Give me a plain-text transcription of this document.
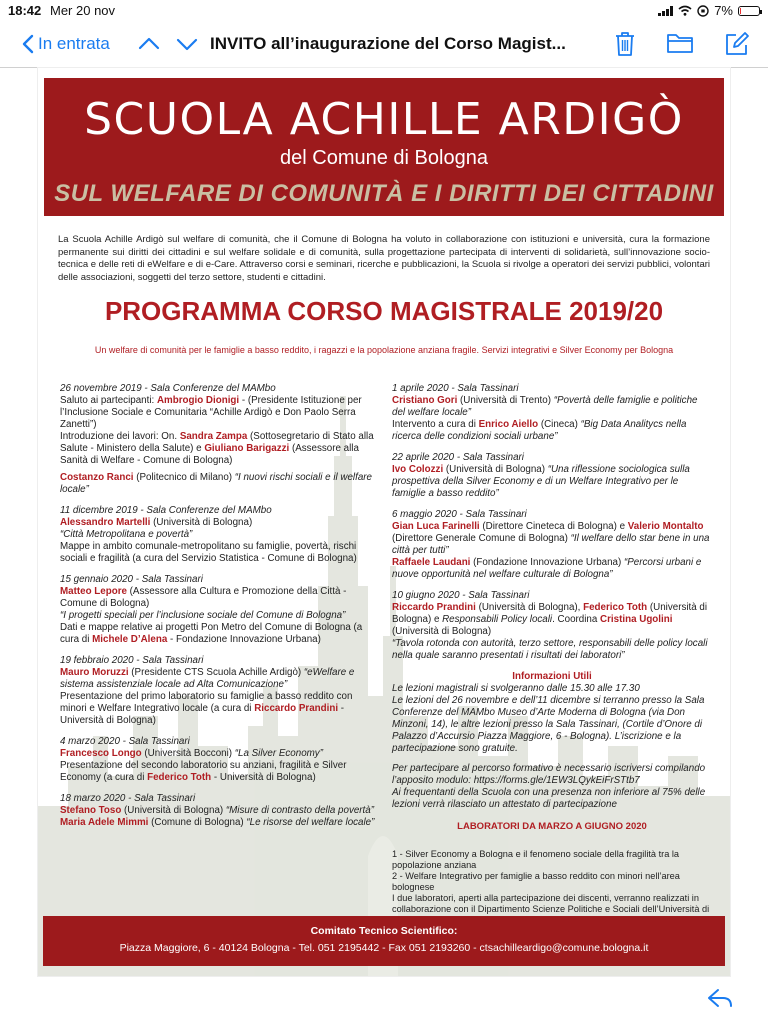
18:42 Mer 20 nov	7%
In entrata	INVITO all’inaugurazione del Corso Magist...
SCUOLA ACHILLE ARDIGÒ
del Comune di Bologna
SUL WELFARE DI COMUNITÀ E I DIRITTI DEI CITTADINI

La Scuola Achille Ardigò sul welfare di comunità, che il Comune di Bologna ha voluto in collaborazione con istituzioni e università, cura la formazione permanente sui diritti dei cittadini e sul welfare solidale e di comunità, sulla progettazione partecipata di interventi di solidarietà, sull’innovazione socio-tecnica e delle reti di eWelfare e di e-Care. Attraverso corsi e seminari, ricerche e pubblicazioni, la Scuola si rivolge a operatori dei servizi pubblici, volontari delle associazioni, soggetti del terzo settore, studenti e cittadini.

PROGRAMMA CORSO MAGISTRALE 2019/20
Un welfare di comunità per le famiglie a basso reddito, i ragazzi e la popolazione anziana fragile. Servizi integrativi e Silver Economy per Bologna

26 novembre 2019 - Sala Conferenze del MAMbo

Saluto ai partecipanti: Ambrogio Dionigi - (Presidente Istituzione per l’Inclusione Sociale e Comunitaria “Achille Ardigò e Don Paolo Serra Zanetti”)

Introduzione dei lavori: On. Sandra Zampa (Sottosegretario di Stato alla Salute - Ministero della Salute) e Giuliano Barigazzi (Assessore alla Sanità di Welfare - Comune di Bologna)

Costanzo Ranci (Politecnico di Milano) “I nuovi rischi sociali e il welfare locale”

11 dicembre 2019 - Sala Conferenze del MAMbo

Alessandro Martelli (Università di Bologna)

“Città Metropolitana e povertà”

Mappe in ambito comunale-metropolitano su famiglie, povertà, rischi sociali e fragilità (a cura del Servizio Statistica - Comune di Bologna)

15 gennaio 2020 - Sala Tassinari

Matteo Lepore (Assessore alla Cultura e Promozione della Città - Comune di Bologna)

“I progetti speciali per l’inclusione sociale del Comune di Bologna”

Dati e mappe relative ai progetti Pon Metro del Comune di Bologna (a cura di Michele D’Alena - Fondazione Innovazione Urbana)

19 febbraio 2020 - Sala Tassinari

Mauro Moruzzi (Presidente CTS Scuola Achille Ardigò) “eWelfare e sistema assistenziale locale ad Alta Comunicazione”

Presentazione del primo laboratorio su famiglie a basso reddito con minori e Welfare Integrativo locale (a cura di Riccardo Prandini - Università di Bologna)

4 marzo 2020 - Sala Tassinari

Francesco Longo (Università Bocconi) “La Silver Economy”

Presentazione del secondo laboratorio su anziani, fragilità e Silver Economy (a cura di Federico Toth - Università di Bologna)

18 marzo 2020 - Sala Tassinari

Stefano Toso (Università di Bologna) “Misure di contrasto della povertà”

Maria Adele Mimmi (Comune di Bologna) “Le risorse del welfare locale”

1 aprile 2020 - Sala Tassinari

Cristiano Gori (Università di Trento) “Povertà delle famiglie e politiche del welfare locale”

Intervento a cura di Enrico Aiello (Cineca) “Big Data Analitycs nella ricerca delle condizioni sociali urbane”

22 aprile 2020 - Sala Tassinari

Ivo Colozzi (Università di Bologna) “Una riflessione sociologica sulla prospettiva della Silver Economy e di un Welfare Integrativo per le famiglie a basso reddito”

6 maggio 2020 - Sala Tassinari

Gian Luca Farinelli (Direttore Cineteca di Bologna) e Valerio Montalto (Direttore Generale Comune di Bologna) “Il welfare dello star bene in una città per tutti”

Raffaele Laudani (Fondazione Innovazione Urbana) “Percorsi urbani e nuove opportunità nel welfare culturale di Bologna”

10 giugno 2020 - Sala Tassinari

Riccardo Prandini (Università di Bologna), Federico Toth (Università di Bologna) e Responsabili Policy locali. Coordina Cristina Ugolini (Università di Bologna)

“Tavola rotonda con autorità, terzo settore, responsabili delle policy locali nella quale saranno presentati i risultati dei laboratori”

Informazioni Utili

Le lezioni magistrali si svolgeranno dalle 15.30 alle 17.30

Le lezioni del 26 novembre e dell’11 dicembre si terranno presso la Sala Conferenze del MAMbo Museo d’Arte Moderna di Bologna (via Don Minzoni, 14), le altre lezioni presso la Sala Tassinari, (Cortile d’Onore di Palazzo d’Accursio Piazza Maggiore, 6 - Bologna). L’iscrizione e la partecipazione sono gratuite.

Per partecipare al percorso formativo è necessario iscriversi compilando l’apposito modulo: https://forms.gle/1EW3LQykEiFrSTtb7

Ai frequentanti della Scuola con una presenza non inferiore al 75% delle lezioni verrà rilasciato un attestato di partecipazione

LABORATORI DA MARZO A GIUGNO 2020

1 - Silver Economy a Bologna e il fenomeno sociale della fragilità tra la popolazione anziana

2 - Welfare Integrativo per famiglie a basso reddito con minori nell’area bolognese

I due laboratori, aperti alla partecipazione dei discenti, verranno realizzati in collaborazione con il Dipartimento Scienze Politiche e Sociali dell’Università di

Comitato Tecnico Scientifico:
Piazza Maggiore, 6 - 40124 Bologna - Tel. 051 2195442 - Fax 051 2193260 - ctsachilleardigo@comune.bologna.it
